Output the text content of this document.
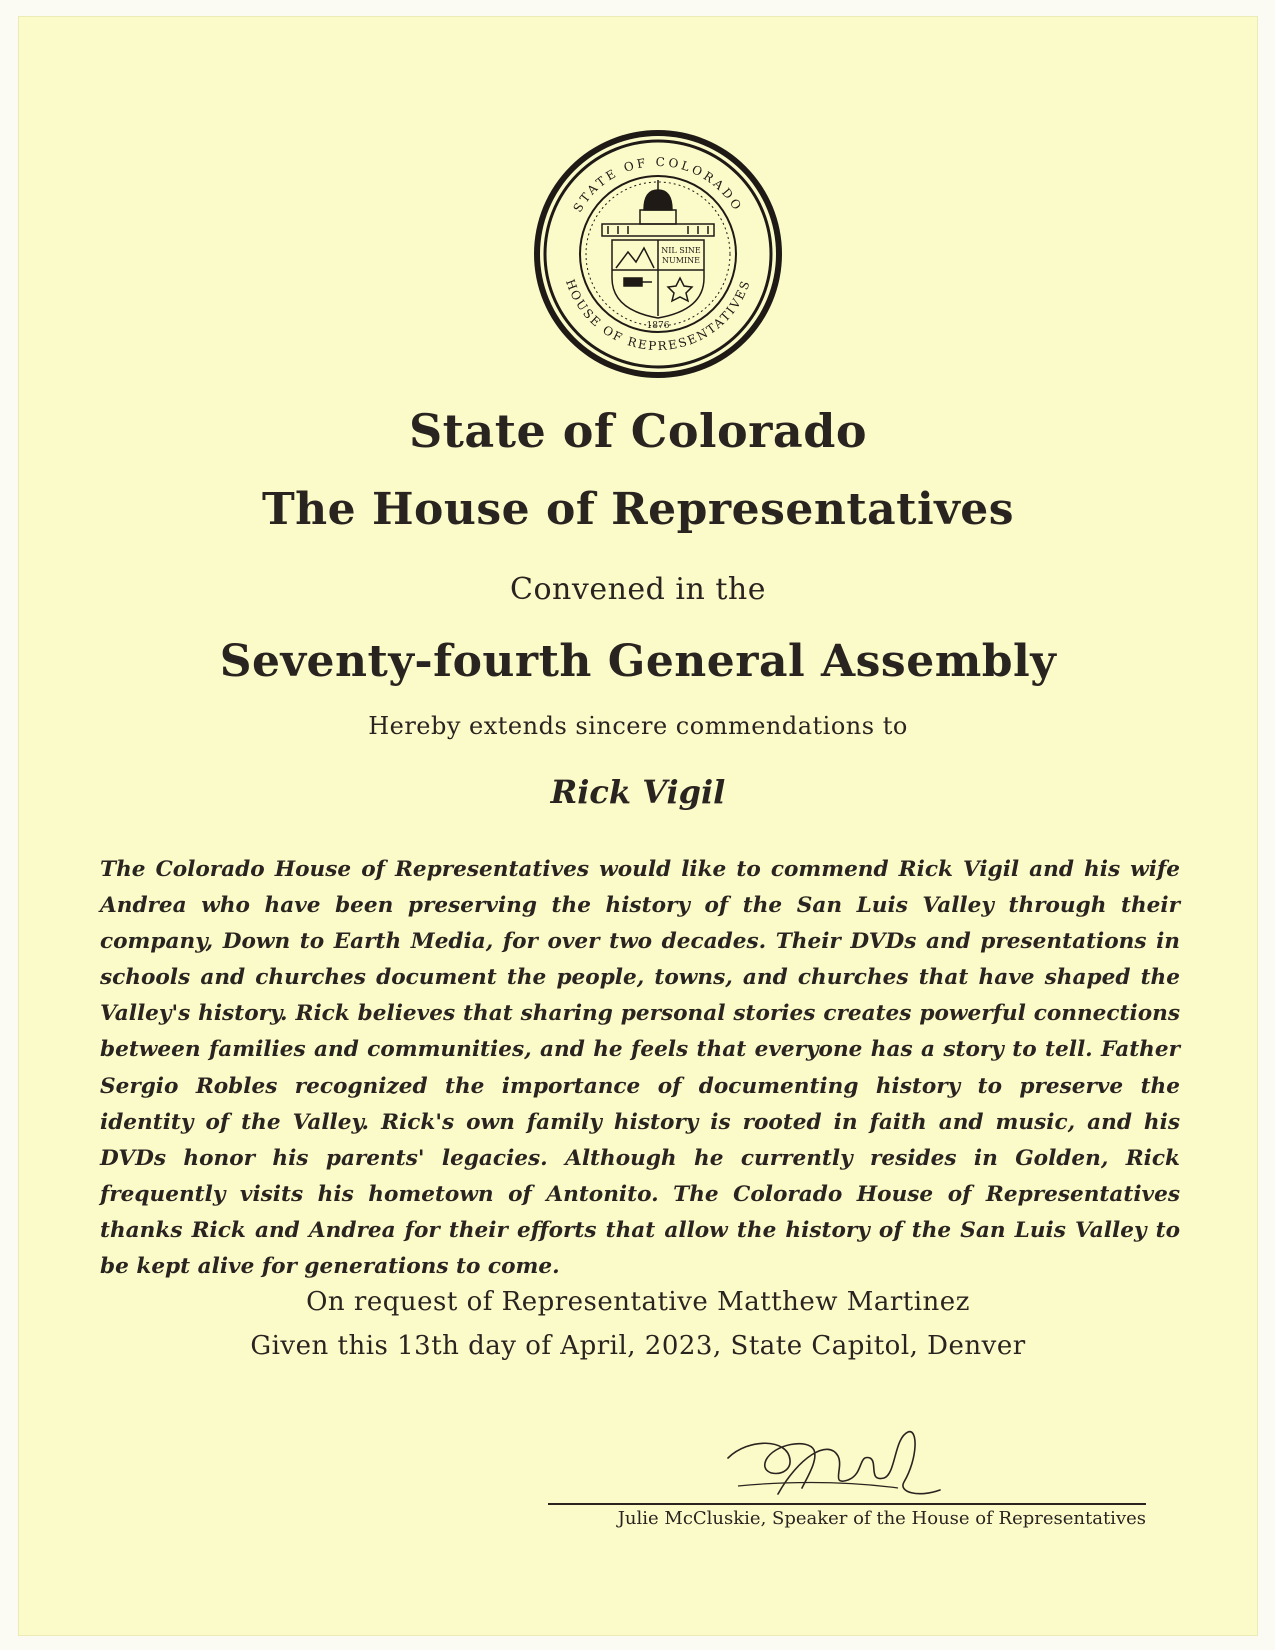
STATE OF COLORADO
HOUSE OF REPRESENTATIVES
NIL SINE
NUMINE
1876
State of Colorado
The House of Representatives
Convened in the
Seventy-fourth General Assembly
Hereby extends sincere commendations to
Rick Vigil
The Colorado House of Representatives would like to commend Rick Vigil and his wife Andrea who have been preserving the history of the San Luis Valley through their company, Down to Earth Media, for over two decades. Their DVDs and presentations in schools and churches document the people, towns, and churches that have shaped the Valley's history. Rick believes that sharing personal stories creates powerful connections between families and communities, and he feels that everyone has a story to tell. Father Sergio Robles recognized the importance of documenting history to preserve the identity of the Valley. Rick's own family history is rooted in faith and music, and his DVDs honor his parents' legacies. Although he currently resides in Golden, Rick frequently visits his hometown of Antonito. The Colorado House of Representatives thanks Rick and Andrea for their efforts that allow the history of the San Luis Valley to be kept alive for generations to come.
On request of Representative Matthew Martinez
Given this 13th day of April, 2023, State Capitol, Denver
Julie McCluskie, Speaker of the House of Representatives
